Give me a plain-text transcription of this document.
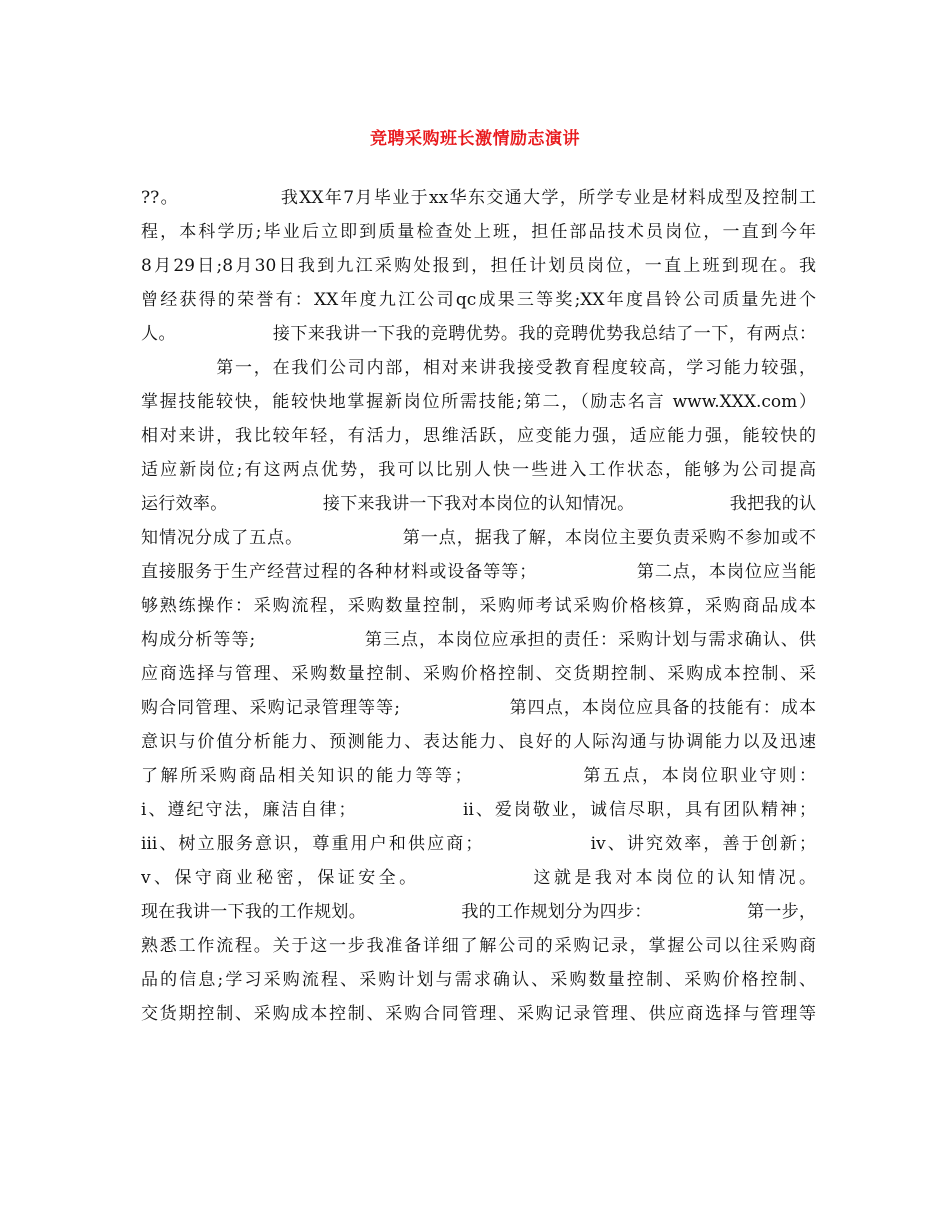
竞聘采购班长激情励志演讲
??。　　　　　　我XX年7月毕业于xx华东交通大学，所学专业是材料成型及控制工
程，本科学历;毕业后立即到质量检查处上班，担任部品技术员岗位，一直到今年
8月29日;8月30日我到九江采购处报到，担任计划员岗位，一直上班到现在。我
曾经获得的荣誉有：XX年度九江公司qc成果三等奖;XX年度昌铃公司质量先进个
人。　　　　　　接下来我讲一下我的竞聘优势。我的竞聘优势我总结了一下，有两点：
　　　　第一，在我们公司内部，相对来讲我接受教育程度较高，学习能力较强，
掌握技能较快，能较快地掌握新岗位所需技能;第二，（励志名言 www.XXX.com）
相对来讲，我比较年轻，有活力，思维活跃，应变能力强，适应能力强，能较快的
适应新岗位;有这两点优势，我可以比别人快一些进入工作状态，能够为公司提高
运行效率。　　　　　　接下来我讲一下我对本岗位的认知情况。　　　　　　我把我的认
知情况分成了五点。　　　　　　第一点，据我了解，本岗位主要负责采购不参加或不
直接服务于生产经营过程的各种材料或设备等等；　　　　　　第二点，本岗位应当能
够熟练操作：采购流程，采购数量控制，采购师考试采购价格核算，采购商品成本
构成分析等等;　　　　　　第三点，本岗位应承担的责任：采购计划与需求确认、供
应商选择与管理、采购数量控制、采购价格控制、交货期控制、采购成本控制、采
购合同管理、采购记录管理等等;　　　　　　第四点，本岗位应具备的技能有：成本
意识与价值分析能力、预测能力、表达能力、良好的人际沟通与协调能力以及迅速
了解所采购商品相关知识的能力等等；　　　　　　第五点，本岗位职业守则：
ⅰ、遵纪守法，廉洁自律；　　　　　　ⅱ、爱岗敬业，诚信尽职，具有团队精神；
ⅲ、树立服务意识，尊重用户和供应商；　　　　　　ⅳ、讲究效率，善于创新；
ⅴ、保守商业秘密，保证安全。　　　　　　这就是我对本岗位的认知情况。
现在我讲一下我的工作规划。　　　　　　我的工作规划分为四步：　　　　　　第一步，
熟悉工作流程。关于这一步我准备详细了解公司的采购记录，掌握公司以往采购商
品的信息;学习采购流程、采购计划与需求确认、采购数量控制、采购价格控制、
交货期控制、采购成本控制、采购合同管理、采购记录管理、供应商选择与管理等
